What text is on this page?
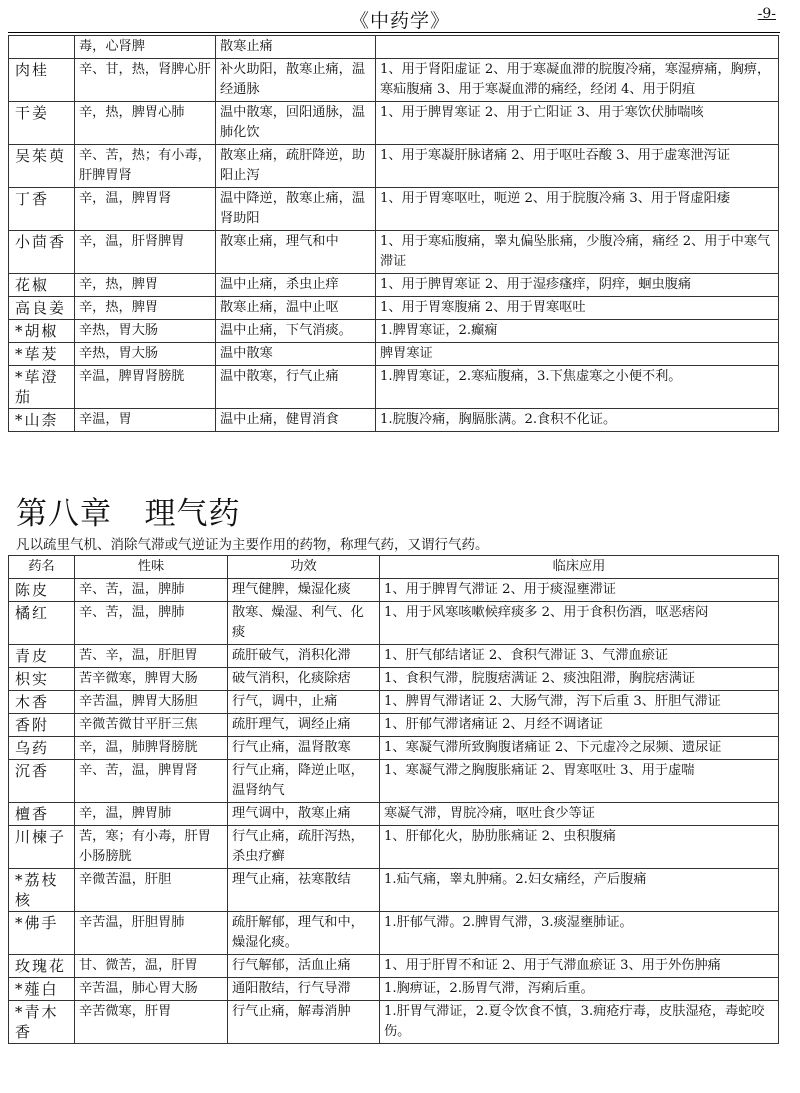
《中药学》	-9-
	毒，心肾脾	散寒止痛	
肉桂	辛、甘，热，肾脾心肝	补火助阳，散寒止痛，温经通脉	1、用于肾阳虚证 2、用于寒凝血滞的脘腹冷痛，寒湿痹痛，胸痹，寒疝腹痛 3、用于寒凝血滞的痛经，经闭 4、用于阴疽
干姜	辛，热，脾胃心肺	温中散寒，回阳通脉，温肺化饮	1、用于脾胃寒证 2、用于亡阳证 3、用于寒饮伏肺喘咳
吴茱萸	辛、苦，热；有小毒，肝脾胃肾	散寒止痛，疏肝降逆，助阳止泻	1、用于寒凝肝脉诸痛 2、用于呕吐吞酸 3、用于虚寒泄泻证
丁香	辛，温，脾胃肾	温中降逆，散寒止痛，温肾助阳	1、用于胃寒呕吐，呃逆 2、用于脘腹冷痛 3、用于肾虚阳痿
小茴香	辛，温，肝肾脾胃	散寒止痛，理气和中	1、用于寒疝腹痛，睾丸偏坠胀痛，少腹冷痛，痛经 2、用于中寒气滞证
花椒	辛，热，脾胃	温中止痛，杀虫止痒	1、用于脾胃寒证 2、用于湿疹瘙痒，阴痒，蛔虫腹痛
高良姜	辛，热，脾胃	散寒止痛，温中止呕	1、用于胃寒腹痛 2、用于胃寒呕吐
*胡椒	辛热，胃大肠	温中止痛，下气消痰。	1.脾胃寒证，2.癫痫
*荜茇	辛热，胃大肠	温中散寒	脾胃寒证
*荜澄茄	辛温，脾胃肾膀胱	温中散寒，行气止痛	1.脾胃寒证，2.寒疝腹痛，3.下焦虚寒之小便不利。
*山柰	辛温，胃	温中止痛，健胃消食	1.脘腹冷痛，胸膈胀满。2.食积不化证。
第八章   理气药
凡以疏里气机、消除气滞或气逆证为主要作用的药物，称理气药，又谓行气药。
药名	性味	功效	临床应用
陈皮	辛、苦，温，脾肺	理气健脾，燥湿化痰	1、用于脾胃气滞证 2、用于痰湿壅滞证
橘红	辛、苦，温，脾肺	散寒、燥湿、利气、化痰	1、用于风寒咳嗽候痒痰多 2、用于食积伤酒，呕恶痞闷
青皮	苦、辛，温，肝胆胃	疏肝破气，消积化滞	1、肝气郁结诸证 2、食积气滞证 3、气滞血瘀证
枳实	苦辛微寒，脾胃大肠	破气消积，化痰除痞	1、食积气滞，脘腹痞满证 2、痰浊阻滞，胸脘痞满证
木香	辛苦温，脾胃大肠胆	行气，调中，止痛	1、脾胃气滞诸证 2、大肠气滞，泻下后重 3、肝胆气滞证
香附	辛微苦微甘平肝三焦	疏肝理气，调经止痛	1、肝郁气滞诸痛证 2、月经不调诸证
乌药	辛，温，肺脾肾膀胱	行气止痛，温肾散寒	1、寒凝气滞所致胸腹诸痛证 2、下元虚冷之尿频、遗尿证
沉香	辛、苦，温，脾胃肾	行气止痛，降逆止呕，温肾纳气	1、寒凝气滞之胸腹胀痛证 2、胃寒呕吐 3、用于虚喘
檀香	辛，温，脾胃肺	理气调中，散寒止痛	寒凝气滞，胃脘冷痛，呕吐食少等证
川楝子	苦，寒；有小毒，肝胃小肠膀胱	行气止痛，疏肝泻热，杀虫疗癣	1、肝郁化火，胁肋胀痛证 2、虫积腹痛
*荔枝核	辛微苦温，肝胆	理气止痛，祛寒散结	1.疝气痛，睾丸肿痛。2.妇女痛经，产后腹痛
*佛手	辛苦温，肝胆胃肺	疏肝解郁，理气和中，燥湿化痰。	1.肝郁气滞。2.脾胃气滞，3.痰湿壅肺证。
玫瑰花	甘、微苦，温，肝胃	行气解郁，活血止痛	1、用于肝胃不和证 2、用于气滞血瘀证 3、用于外伤肿痛
*薤白	辛苦温，肺心胃大肠	通阳散结，行气导滞	1.胸痹证，2.肠胃气滞，泻痢后重。
*青木香	辛苦微寒，肝胃	行气止痛，解毒消肿	1.肝胃气滞证，2.夏令饮食不慎，3.痈疮疔毒，皮肤湿疮，毒蛇咬伤。
